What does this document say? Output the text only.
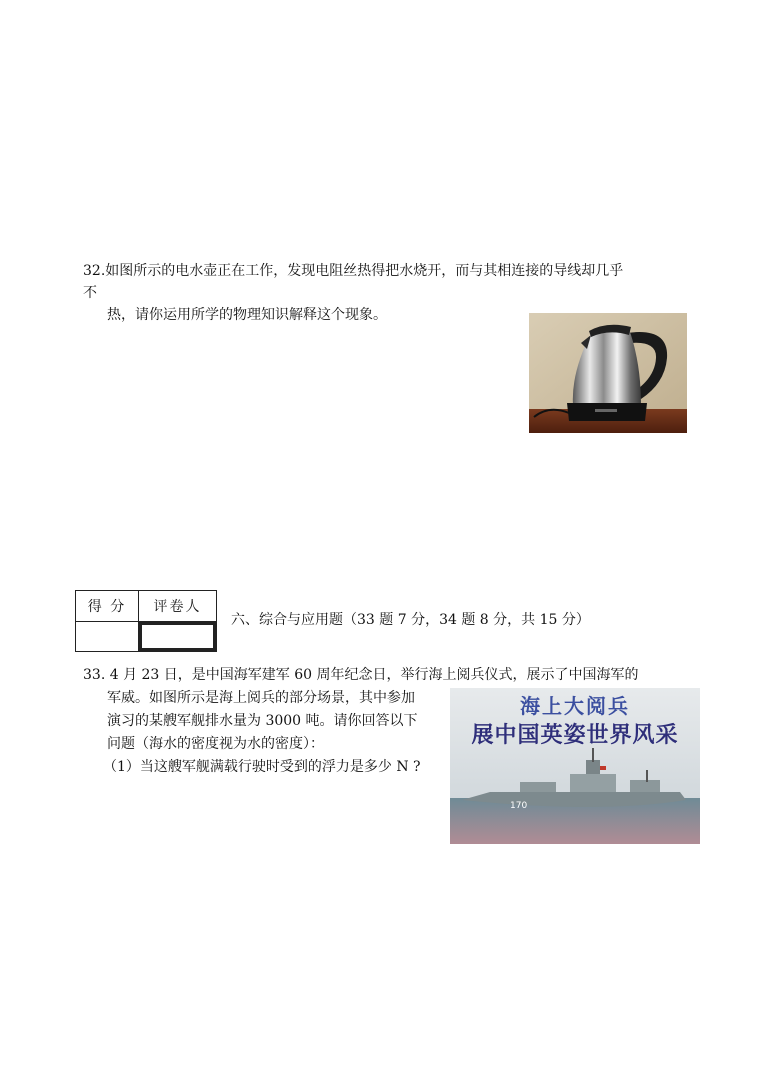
32.如图所示的电水壶正在工作，发现电阻丝热得把水烧开，而与其相连接的导线却几乎
不
热，请你运用所学的物理知识解释这个现象。
得 分	评卷人
六、综合与应用题（33 题 7 分，34 题 8 分，共 15 分）
33. 4 月 23 日，是中国海军建军 60 周年纪念日，举行海上阅兵仪式，展示了中国海军的
军威。如图所示是海上阅兵的部分场景，其中参加
演习的某艘军舰排水量为 3000 吨。请你回答以下
问题（海水的密度视为水的密度）：
（1）当这艘军舰满载行驶时受到的浮力是多少 N ?
170
海上大阅兵
展中国英姿世界风采
